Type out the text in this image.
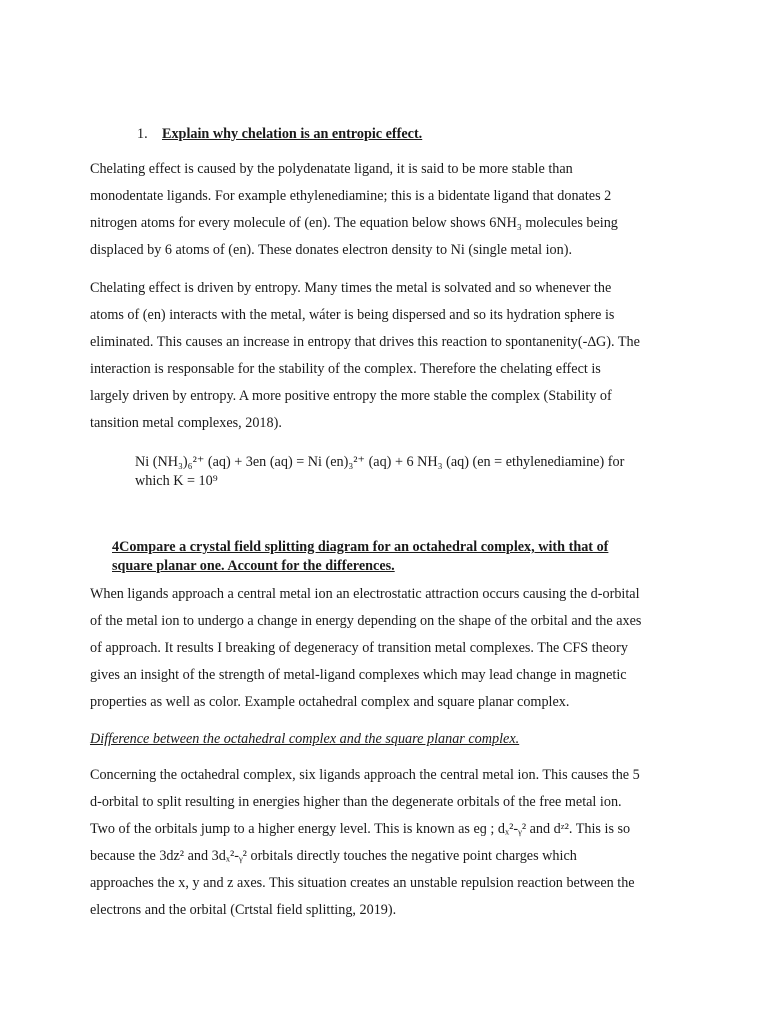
1. Explain why chelation is an entropic effect.

Chelating effect is caused by the polydenatate ligand, it is said to be more stable than

monodentate ligands. For example ethylenediamine; this is a bidentate ligand that donates 2

nitrogen atoms for every molecule of (en). The equation below shows 6NH₃ molecules being

displaced by 6 atoms of (en). These donates electron density to Ni (single metal ion).

Chelating effect is driven by entropy. Many times the metal is solvated and so whenever the

atoms of (en) interacts with the metal, wáter is being dispersed and so its hydration sphere is

eliminated. This causes an increase in entropy that drives this reaction to spontanenity(-∆G). The

interaction is responsable for the stability of the complex. Therefore the chelating effect is

largely driven by entropy. A more positive entropy the more stable the complex (Stability of

tansition metal complexes, 2018).

Ni (NH₃)₆²⁺ (aq) + 3en (aq) = Ni (en)₃²⁺ (aq) + 6 NH₃ (aq) (en = ethylenediamine) for
which K = 10⁹
4Compare a crystal field splitting diagram for an octahedral complex, with that of
square planar one. Account for the differences.

When ligands approach a central metal ion an electrostatic attraction occurs causing the d-orbital

of the metal ion to undergo a change in energy depending on the shape of the orbital and the axes

of approach. It results I breaking of degeneracy of transition metal complexes. The CFS theory

gives an insight of the strength of metal-ligand complexes which may lead change in magnetic

properties as well as color. Example octahedral complex and square planar complex.

Difference between the octahedral complex and the square planar complex.

Concerning the octahedral complex, six ligands approach the central metal ion. This causes the 5

d-orbital to split resulting in energies higher than the degenerate orbitals of the free metal ion.

Two of the orbitals jump to a higher energy level. This is known as eɡ ; dₓ²-ᵧ² and dᶻ². This is so

because the 3dz² and 3dₓ²-ᵧ² orbitals directly touches the negative point charges which

approaches the x, y and z axes. This situation creates an unstable repulsion reaction between the

electrons and the orbital (Crtstal field splitting, 2019).
